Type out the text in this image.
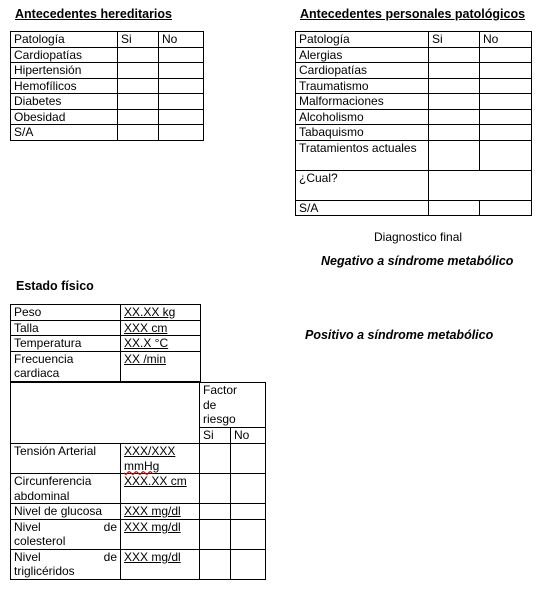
Antecedentes hereditarios
Patología	Si	No
Cardiopatías		
Hipertensión		
Hemofílicos		
Diabetes		
Obesidad		
S/A		
Antecedentes personales patológicos
Patología	Si	No
Alergias		
Cardiopatías		
Traumatismo		
Malformaciones		
Alcoholismo		
Tabaquismo		
Tratamientos actuales		
¿Cual?		
S/A		
Diagnostico final
Negativo a síndrome metabólico
Positivo a síndrome metabólico
Estado físico
Peso	XX.XX kg
Talla	XXX cm
Temperatura	XX.X °C
Frecuencia cardiaca	XX /min

		Factor de riesgo	

		Si	No
Tensión Arterial	XXX/XXX
mmHg		
Circunferencia abdominal	XXX.XX cm		
Nivel de glucosa	XXX mg/dl		

Nivel de
colesterol	XXX mg/dl		

Nivel de
triglicéridos	XXX mg/dl		
